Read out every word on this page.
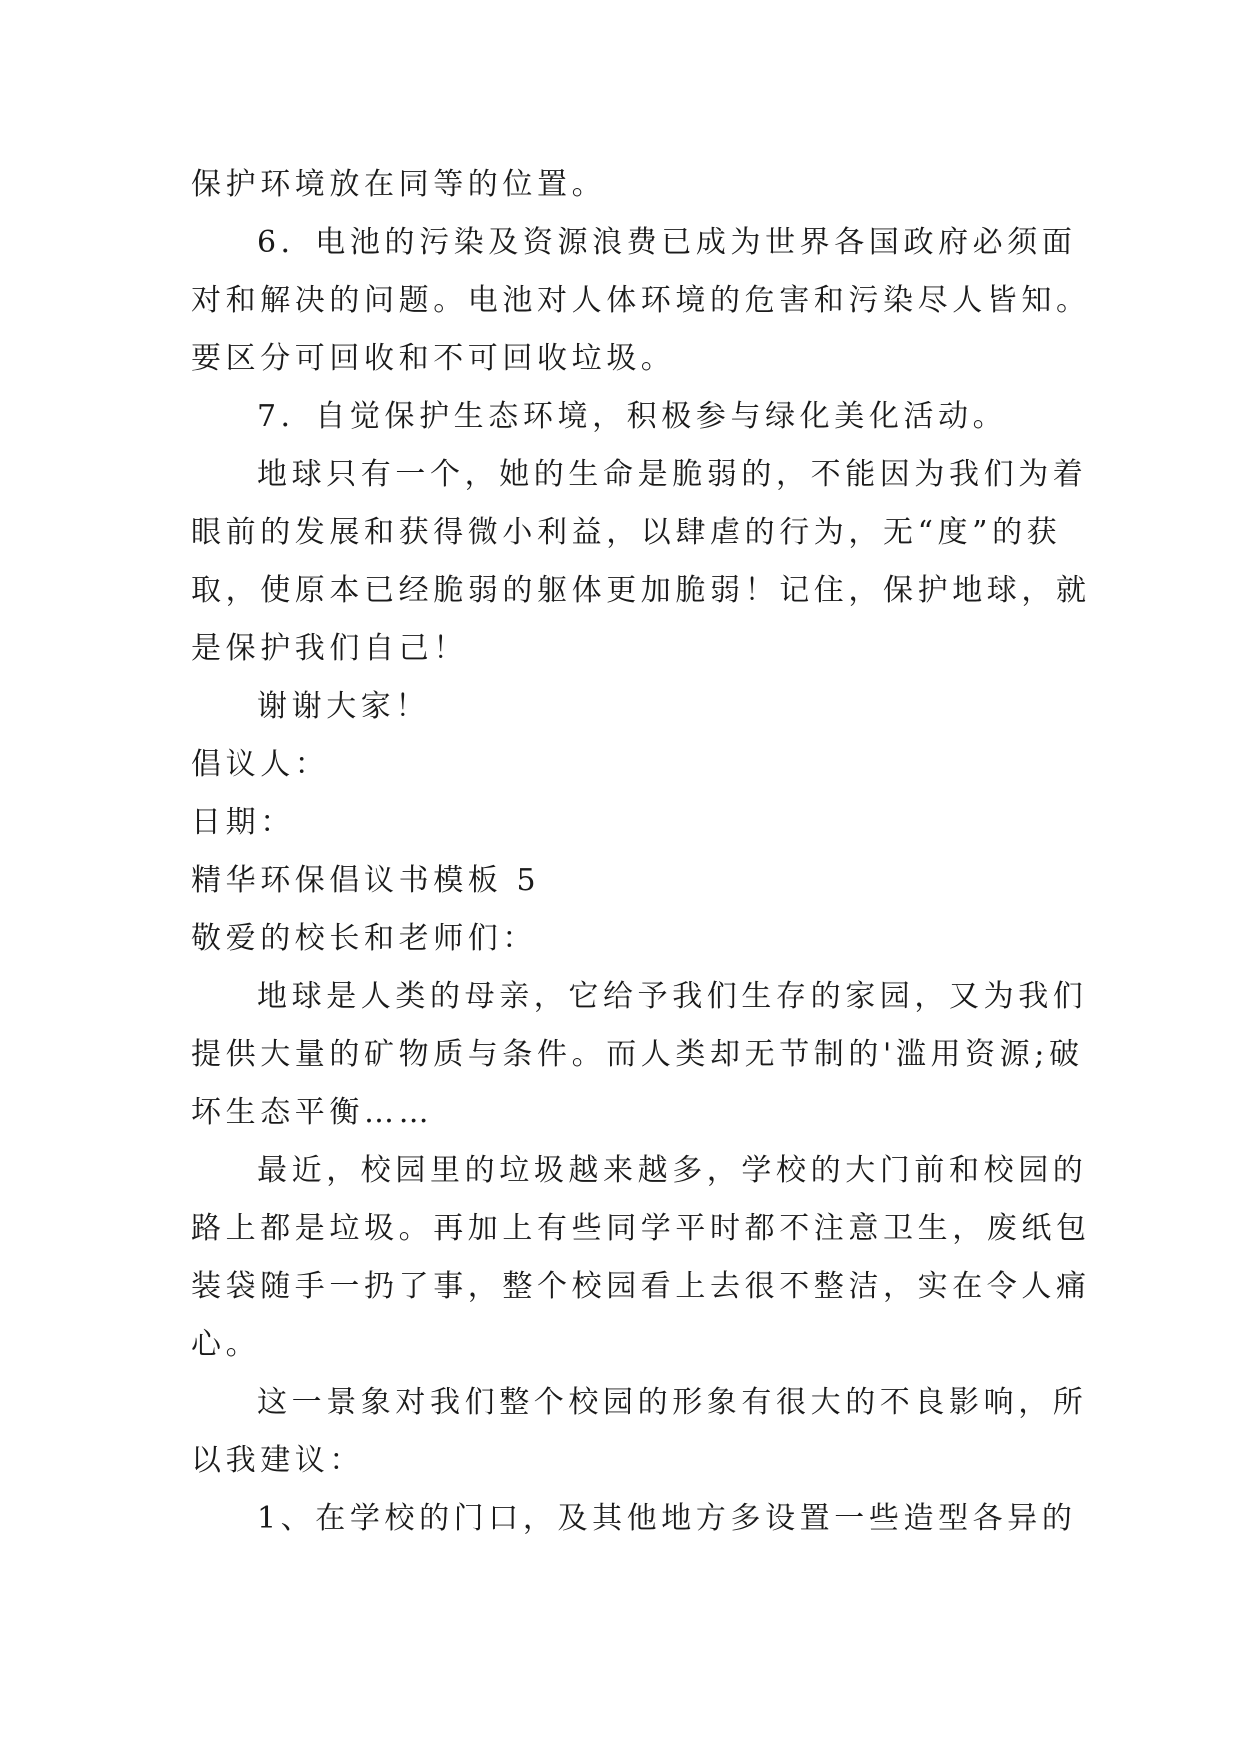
保护环境放在同等的位置。
6．电池的污染及资源浪费已成为世界各国政府必须面
对和解决的问题。电池对人体环境的危害和污染尽人皆知。
要区分可回收和不可回收垃圾。
7．自觉保护生态环境，积极参与绿化美化活动。
地球只有一个，她的生命是脆弱的，不能因为我们为着
眼前的发展和获得微小利益，以肆虐的行为，无“度”的获
取，使原本已经脆弱的躯体更加脆弱！记住，保护地球，就
是保护我们自己！
谢谢大家！
倡议人：
日期：
精华环保倡议书模板 5
敬爱的校长和老师们：
地球是人类的母亲，它给予我们生存的家园，又为我们
提供大量的矿物质与条件。而人类却无节制的'滥用资源;破
坏生态平衡……
最近，校园里的垃圾越来越多，学校的大门前和校园的
路上都是垃圾。再加上有些同学平时都不注意卫生，废纸包
装袋随手一扔了事，整个校园看上去很不整洁，实在令人痛
心。
这一景象对我们整个校园的形象有很大的不良影响，所
以我建议：
1、在学校的门口，及其他地方多设置一些造型各异的
